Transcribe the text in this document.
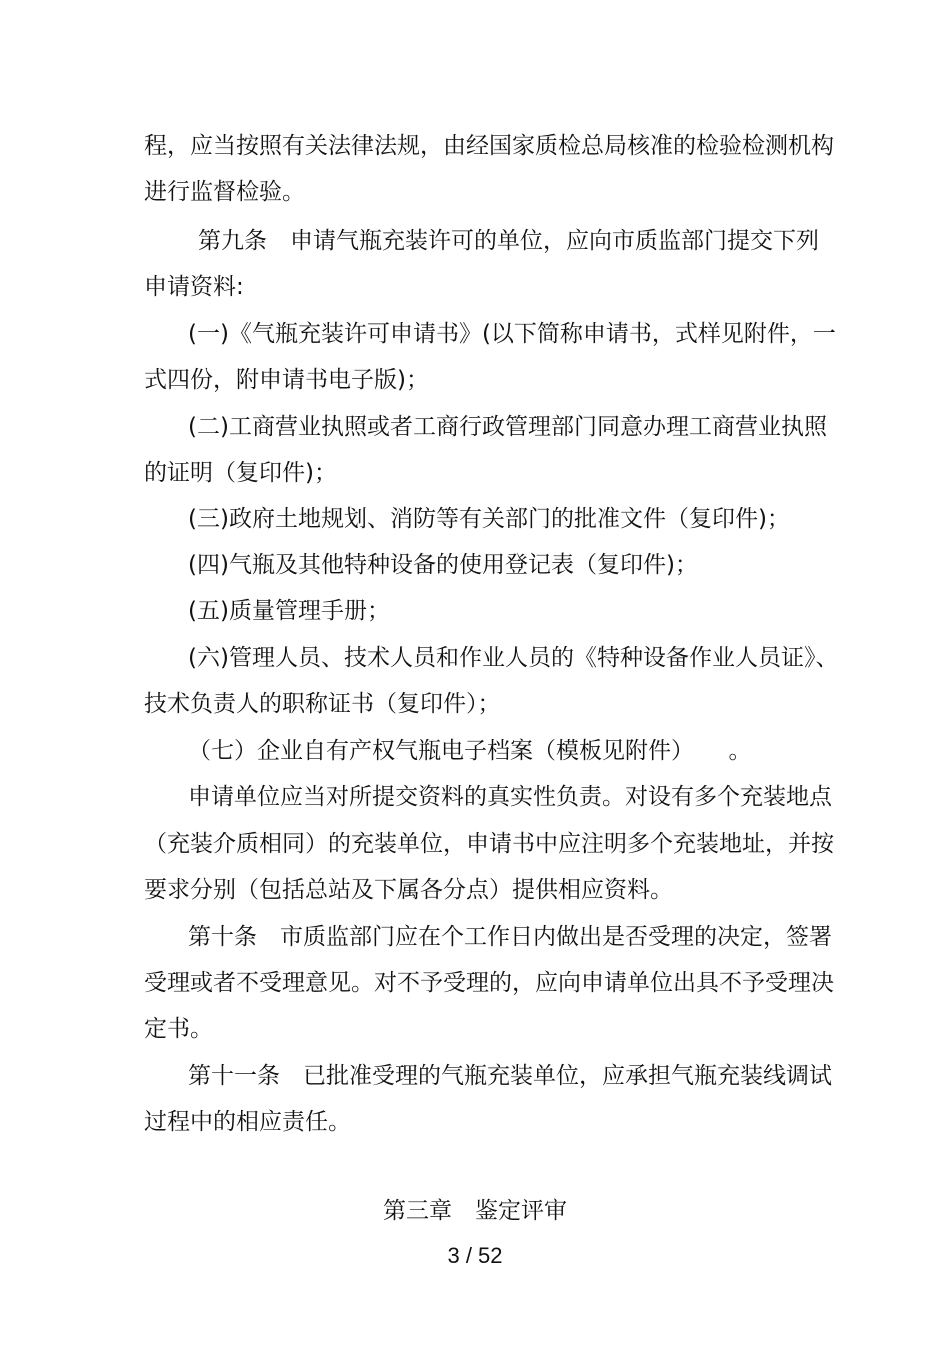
程，应当按照有关法律法规，由经国家质检总局核准的检验检测机构
进行监督检验。
第九条　申请气瓶充装许可的单位，应向市质监部门提交下列
申请资料:
(一)《气瓶充装许可申请书》(以下简称申请书，式样见附件，一
式四份，附申请书电子版)；
(二)工商营业执照或者工商行政管理部门同意办理工商营业执照
的证明（复印件)；
(三)政府土地规划、消防等有关部门的批准文件（复印件)；
(四)气瓶及其他特种设备的使用登记表（复印件)；
(五)质量管理手册；
(六)管理人员、技术人员和作业人员的《特种设备作业人员证》、
技术负责人的职称证书（复印件）；
（七）企业自有产权气瓶电子档案（模板见附件）　　。
申请单位应当对所提交资料的真实性负责。对设有多个充装地点
（充装介质相同）的充装单位，申请书中应注明多个充装地址，并按
要求分别（包括总站及下属各分点）提供相应资料。
第十条　市质监部门应在个工作日内做出是否受理的决定，签署
受理或者不受理意见。对不予受理的，应向申请单位出具不予受理决
定书。
第十一条　已批准受理的气瓶充装单位，应承担气瓶充装线调试
过程中的相应责任。
第三章　鉴定评审
3 / 52
